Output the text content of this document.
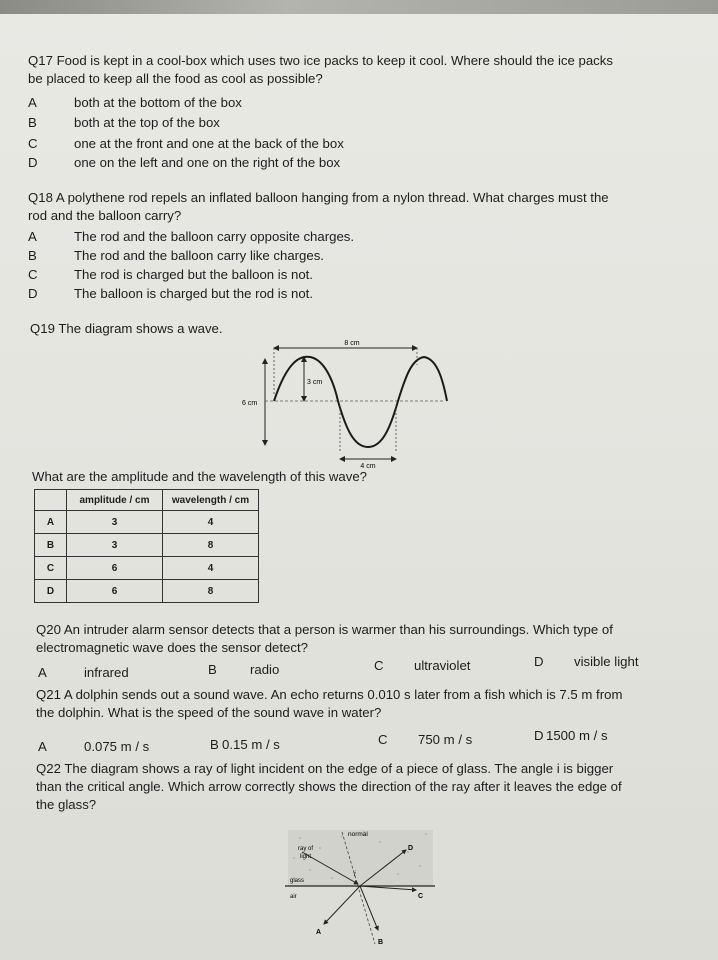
Q17 Food is kept in a cool-box which uses two ice packs to keep it cool. Where should the ice packs
be placed to keep all the food as cool as possible?
A	both at the bottom of the box
B	both at the top of the box
C	one at the front and one at the back of the box
D	one on the left and one on the right of the box
Q18 A polythene rod repels an inflated balloon hanging from a nylon thread. What charges must the
rod and the balloon carry?
A	The rod and the balloon carry opposite charges.
B	The rod and the balloon carry like charges.
C	The rod is charged but the balloon is not.
D	The balloon is charged but the rod is not.
Q19 The diagram shows a wave.
8 cm
6 cm
3 cm
4 cm
What are the amplitude and the wavelength of this wave?
	amplitude / cm	wavelength / cm
A	3	4
B	3	8
C	6	4
D	6	8
Q20 An intruder alarm sensor detects that a person is warmer than his surroundings. Which type of
electromagnetic wave does the sensor detect?
A	infrared	B	radio	C ultraviolet	D visible light
Q21 A dolphin sends out a sound wave. An echo returns 0.010 s later from a fish which is 7.5 m from
the dolphin. What is the speed of the sound wave in water?
A	0.075 m / s	B 0.15 m / s	C 750 m / s	D 1500 m / s
Q22 The diagram shows a ray of light incident on the edge of a piece of glass. The angle i is bigger
than the critical angle. Which arrow correctly shows the direction of the ray after it leaves the edge of
the glass?
normal
ray of
light
i
glass
air
D
C
A
B
